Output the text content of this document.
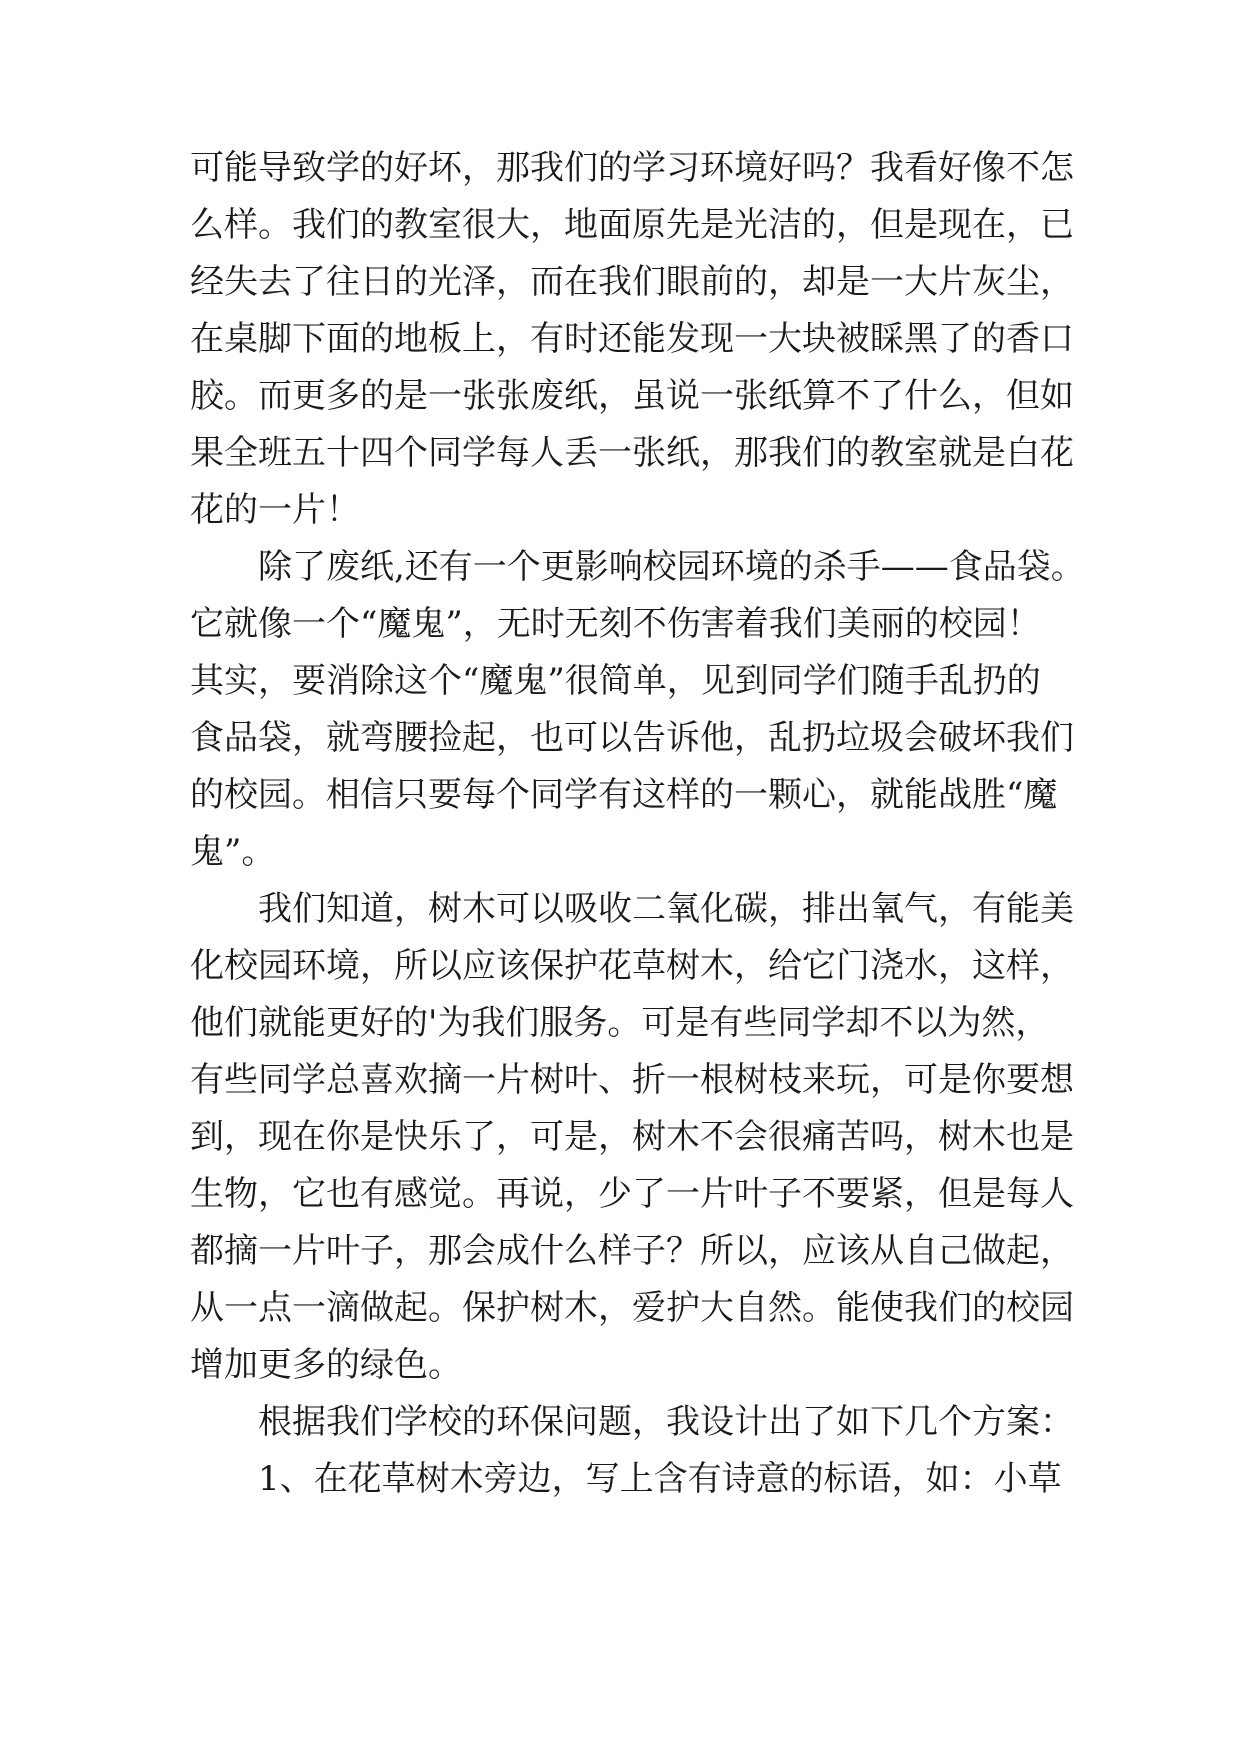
可能导致学的好坏，那我们的学习环境好吗？我看好像不怎

么样。我们的教室很大，地面原先是光洁的，但是现在，已

经失去了往日的光泽，而在我们眼前的，却是一大片灰尘，

在桌脚下面的地板上，有时还能发现一大块被睬黑了的香口

胶。而更多的是一张张废纸，虽说一张纸算不了什么，但如

果全班五十四个同学每人丢一张纸，那我们的教室就是白花

花的一片！

除了废纸,还有一个更影响校园环境的杀手——食品袋。

它就像一个“魔鬼”，无时无刻不伤害着我们美丽的校园！

其实，要消除这个“魔鬼”很简单，见到同学们随手乱扔的

食品袋，就弯腰捡起，也可以告诉他，乱扔垃圾会破坏我们

的校园。相信只要每个同学有这样的一颗心，就能战胜“魔

鬼”。

我们知道，树木可以吸收二氧化碳，排出氧气，有能美

化校园环境，所以应该保护花草树木，给它门浇水，这样，

他们就能更好的'为我们服务。可是有些同学却不以为然，

有些同学总喜欢摘一片树叶、折一根树枝来玩，可是你要想

到，现在你是快乐了，可是，树木不会很痛苦吗，树木也是

生物，它也有感觉。再说，少了一片叶子不要紧，但是每人

都摘一片叶子，那会成什么样子？所以，应该从自己做起，

从一点一滴做起。保护树木，爱护大自然。能使我们的校园

增加更多的绿色。

根据我们学校的环保问题，我设计出了如下几个方案：

1、在花草树木旁边，写上含有诗意的标语，如：小草
